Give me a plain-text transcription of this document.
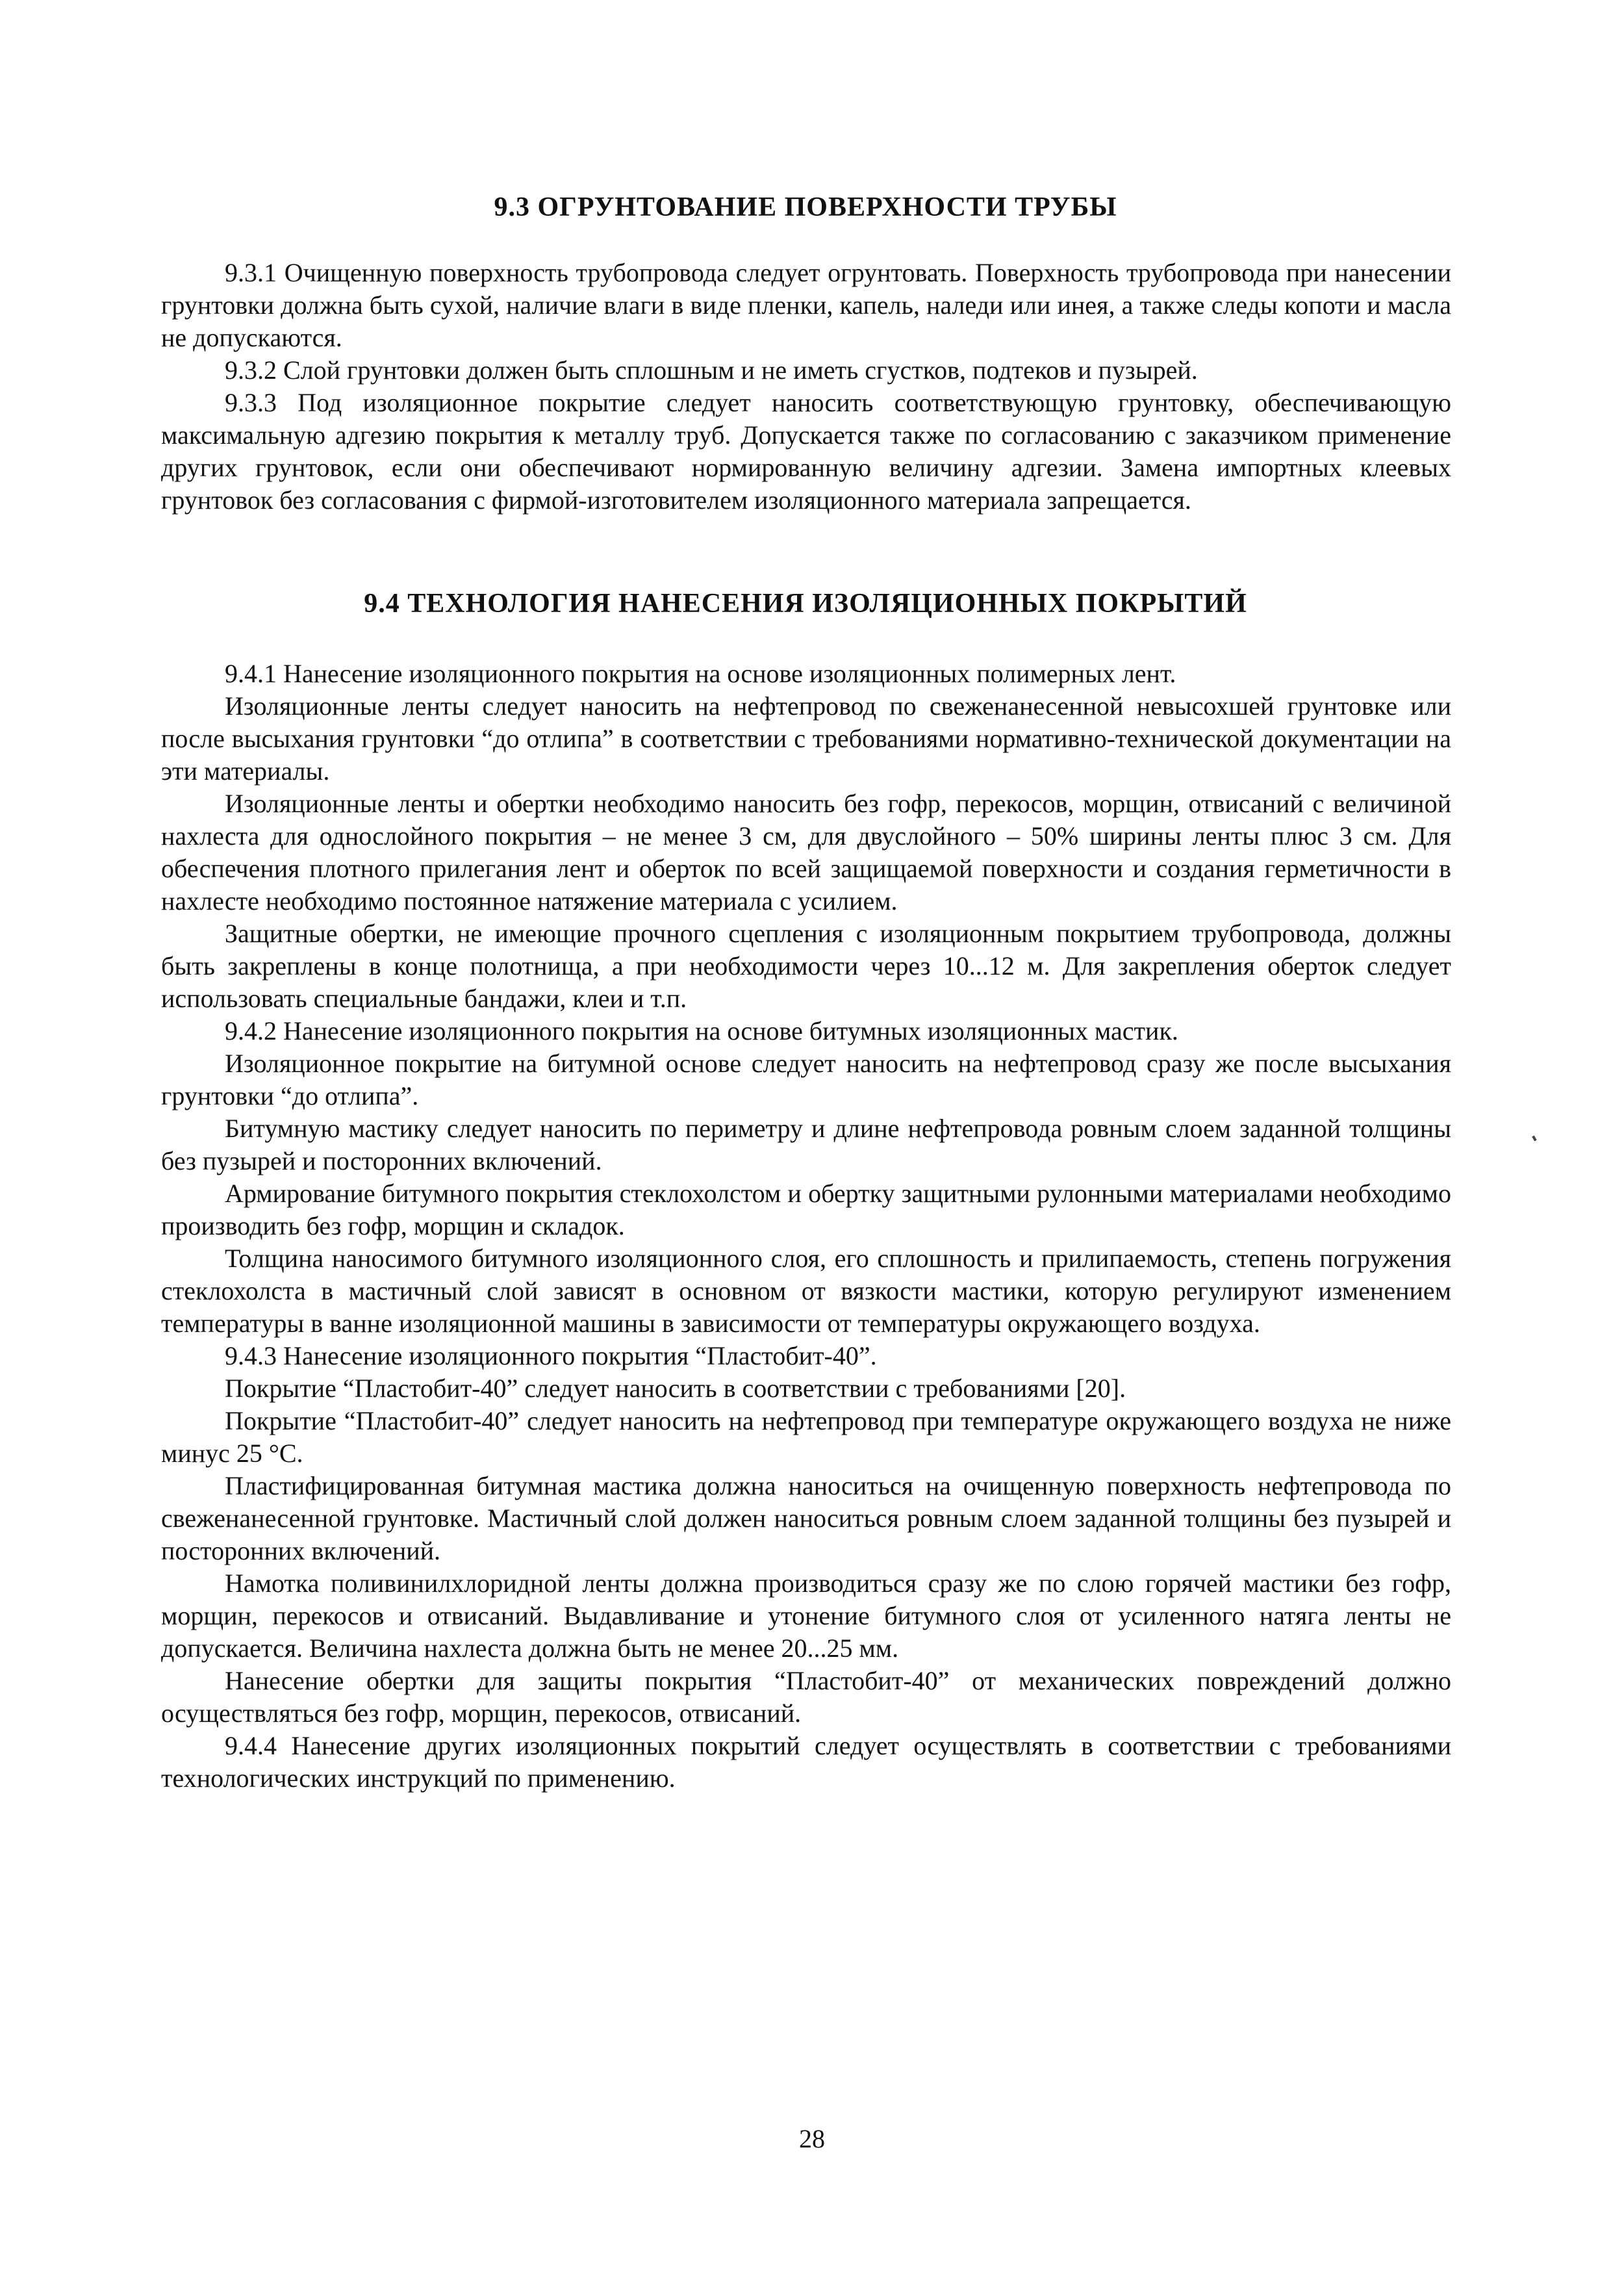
9.3 ОГРУНТОВАНИЕ ПОВЕРХНОСТИ ТРУБЫ

9.3.1 Очищенную поверхность трубопровода следует огрунтовать. Поверхность трубопровода при нанесении грунтовки должна быть сухой, наличие влаги в виде пленки, капель, наледи или инея, а также следы копоти и масла не допускаются.

9.3.2 Слой грунтовки должен быть сплошным и не иметь сгустков, подтеков и пузырей.

9.3.3 Под изоляционное покрытие следует наносить соответствующую грунтовку, обеспечивающую максимальную адгезию покрытия к металлу труб. Допускается также по согласованию с заказчиком применение других грунтовок, если они обеспечивают нормированную величину адгезии. Замена импортных клеевых грунтовок без согласования с фирмой-изготовителем изоляционного материала запрещается.

9.4 ТЕХНОЛОГИЯ НАНЕСЕНИЯ ИЗОЛЯЦИОННЫХ ПОКРЫТИЙ

9.4.1 Нанесение изоляционного покрытия на основе изоляционных полимерных лент.

Изоляционные ленты следует наносить на нефтепровод по свеженанесенной невысохшей грунтовке или после высыхания грунтовки “до отлипа” в соответствии с требованиями нормативно-технической документации на эти материалы.

Изоляционные ленты и обертки необходимо наносить без гофр, перекосов, морщин, отвисаний с величиной нахлеста для однослойного покрытия – не менее 3 см, для двуслойного – 50% ширины ленты плюс 3 см. Для обеспечения плотного прилегания лент и оберток по всей защищаемой поверхности и создания герметичности в нахлесте необходимо постоянное натяжение материала с усилием.

Защитные обертки, не имеющие прочного сцепления с изоляционным покрытием трубопровода, должны быть закреплены в конце полотнища, а при необходимости через 10...12 м. Для закрепления оберток следует использовать специальные бандажи, клеи и т.п.

9.4.2 Нанесение изоляционного покрытия на основе битумных изоляционных мастик.

Изоляционное покрытие на битумной основе следует наносить на нефтепровод сразу же после высыхания грунтовки “до отлипа”.

Битумную мастику следует наносить по периметру и длине нефтепровода ровным слоем заданной толщины без пузырей и посторонних включений.

Армирование битумного покрытия стеклохолстом и обертку защитными рулонными материалами необходимо производить без гофр, морщин и складок.

Толщина наносимого битумного изоляционного слоя, его сплошность и прилипаемость, степень погружения стеклохолста в мастичный слой зависят в основном от вязкости мастики, которую регулируют изменением температуры в ванне изоляционной машины в зависимости от температуры окружающего воздуха.

9.4.3 Нанесение изоляционного покрытия “Пластобит-40”.

Покрытие “Пластобит-40” следует наносить в соответствии с требованиями [20].

Покрытие “Пластобит-40” следует наносить на нефтепровод при температуре окружающего воздуха не ниже минус 25 °С.

Пластифицированная битумная мастика должна наноситься на очищенную поверхность нефтепровода по свеженанесенной грунтовке. Мастичный слой должен наноситься ровным слоем заданной толщины без пузырей и посторонних включений.

Намотка поливинилхлоридной ленты должна производиться сразу же по слою горячей мастики без гофр, морщин, перекосов и отвисаний. Выдавливание и утонение битумного слоя от усиленного натяга ленты не допускается. Величина нахлеста должна быть не менее 20...25 мм.

Нанесение обертки для защиты покрытия “Пластобит-40” от механических повреждений должно осуществляться без гофр, морщин, перекосов, отвисаний.

9.4.4 Нанесение других изоляционных покрытий следует осуществлять в соответствии с требованиями технологических инструкций по применению.

28
